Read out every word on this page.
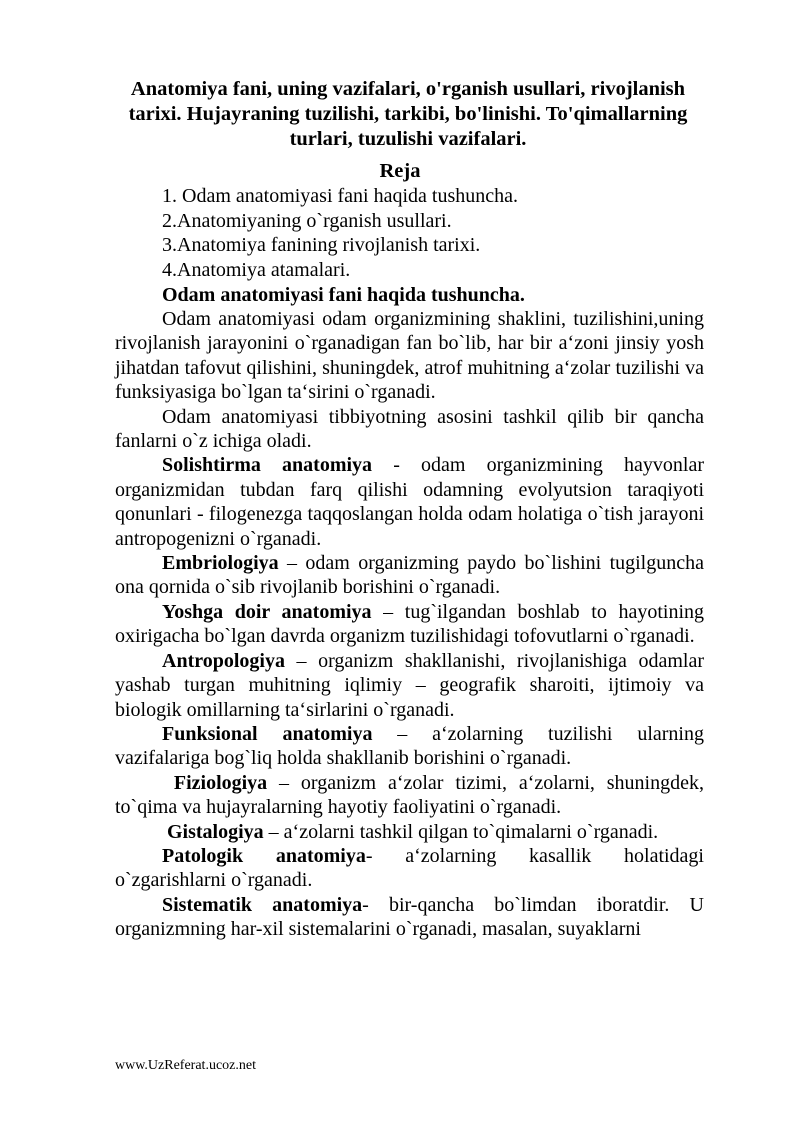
Anatomiya fani, uning vazifalari, o'rganish usullari, rivojlanish tarixi. Hujayraning tuzilishi, tarkibi, bo'linishi. To'qimallarning turlari, tuzulishi vazifalari.
Reja
1. Odam anatomiyasi fani haqida tushuncha.
2.Anatomiyaning o`rganish usullari.
3.Anatomiya fanining rivojlanish tarixi.
4.Anatomiya atamalari.
Odam anatomiyasi fani haqida tushuncha.

Odam anatomiyasi odam organizmining shaklini, tuzilishini,uning rivojlanish jarayonini o`rganadigan fan bo`lib, har bir a‘zoni jinsiy yosh jihatdan tafovut qilishini, shuningdek, atrof muhitning a‘zolar tuzilishi va funksiyasiga bo`lgan ta‘sirini o`rganadi.

Odam anatomiyasi tibbiyotning asosini tashkil qilib bir qancha fanlarni o`z ichiga oladi.

Solishtirma anatomiya - odam organizmining hayvonlar organizmidan tubdan farq qilishi odamning evolyutsion taraqiyoti qonunlari - filogenezga taqqoslangan holda odam holatiga o`tish jarayoni antropogenizni o`rganadi.

Embriologiya – odam organizming paydo bo`lishini tugilguncha ona qornida o`sib rivojlanib borishini o`rganadi.

Yoshga doir anatomiya – tug`ilgandan boshlab to hayotining oxirigacha bo`lgan davrda organizm tuzilishidagi tofovutlarni o`rganadi.

Antropologiya – organizm shakllanishi, rivojlanishiga odamlar yashab turgan muhitning iqlimiy – geografik sharoiti, ijtimoiy va biologik omillarning ta‘sirlarini o`rganadi.

Funksional anatomiya – a‘zolarning tuzilishi ularning vazifalariga bog`liq holda shakllanib borishini o`rganadi.

Fiziologiya – organizm a‘zolar tizimi, a‘zolarni, shuningdek, to`qima va hujayralarning hayotiy faoliyatini o`rganadi.

Gistalogiya – a‘zolarni tashkil qilgan to`qimalarni o`rganadi.

Patologik anatomiya- a‘zolarning kasallik holatidagi o`zgarishlarni o`rganadi.

Sistematik anatomiya- bir-qancha bo`limdan iboratdir. U organizmning har-xil sistemalarini o`rganadi, masalan, suyaklarni

www.UzReferat.ucoz.net
